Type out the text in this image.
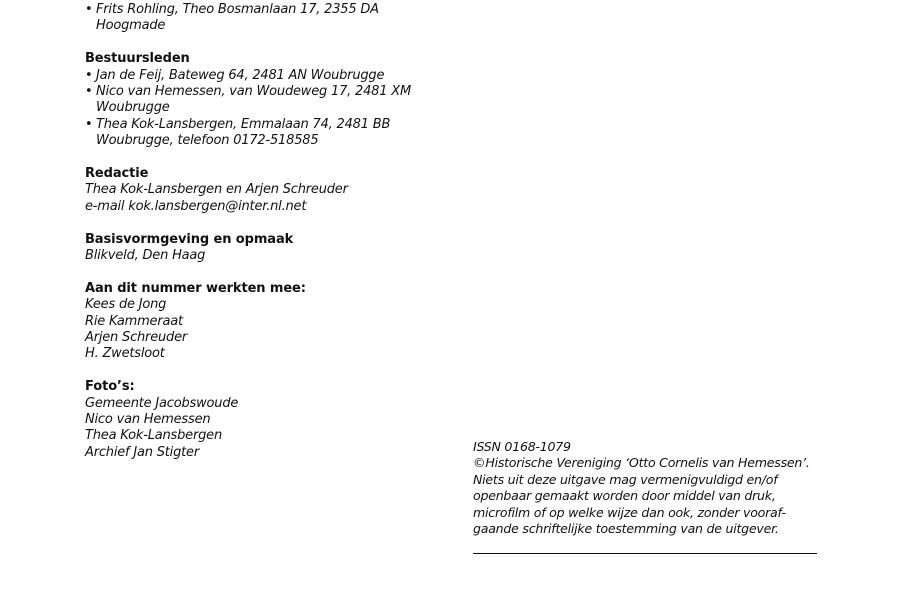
• Frits Rohling, Theo Bosmanlaan 17, 2355 DA
Hoogmade
Bestuursleden
• Jan de Feij, Bateweg 64, 2481 AN Woubrugge
• Nico van Hemessen, van Woudeweg 17, 2481 XM
Woubrugge
• Thea Kok-Lansbergen, Emmalaan 74, 2481 BB
Woubrugge, telefoon 0172-518585
Redactie
Thea Kok-Lansbergen en Arjen Schreuder
e-mail kok.lansbergen@inter.nl.net
Basisvormgeving en opmaak
Blikveld, Den Haag
Aan dit nummer werkten mee:
Kees de Jong
Rie Kammeraat
Arjen Schreuder
H. Zwetsloot
Foto’s:
Gemeente Jacobswoude
Nico van Hemessen
Thea Kok-Lansbergen
Archief Jan Stigter	ISSN 0168-1079
©Historische Vereniging ‘Otto Cornelis van Hemessen’.
Niets uit deze uitgave mag vermenigvuldigd en/of
openbaar gemaakt worden door middel van druk,
microfilm of op welke wijze dan ook, zonder vooraf-
gaande schriftelijke toestemming van de uitgever.
